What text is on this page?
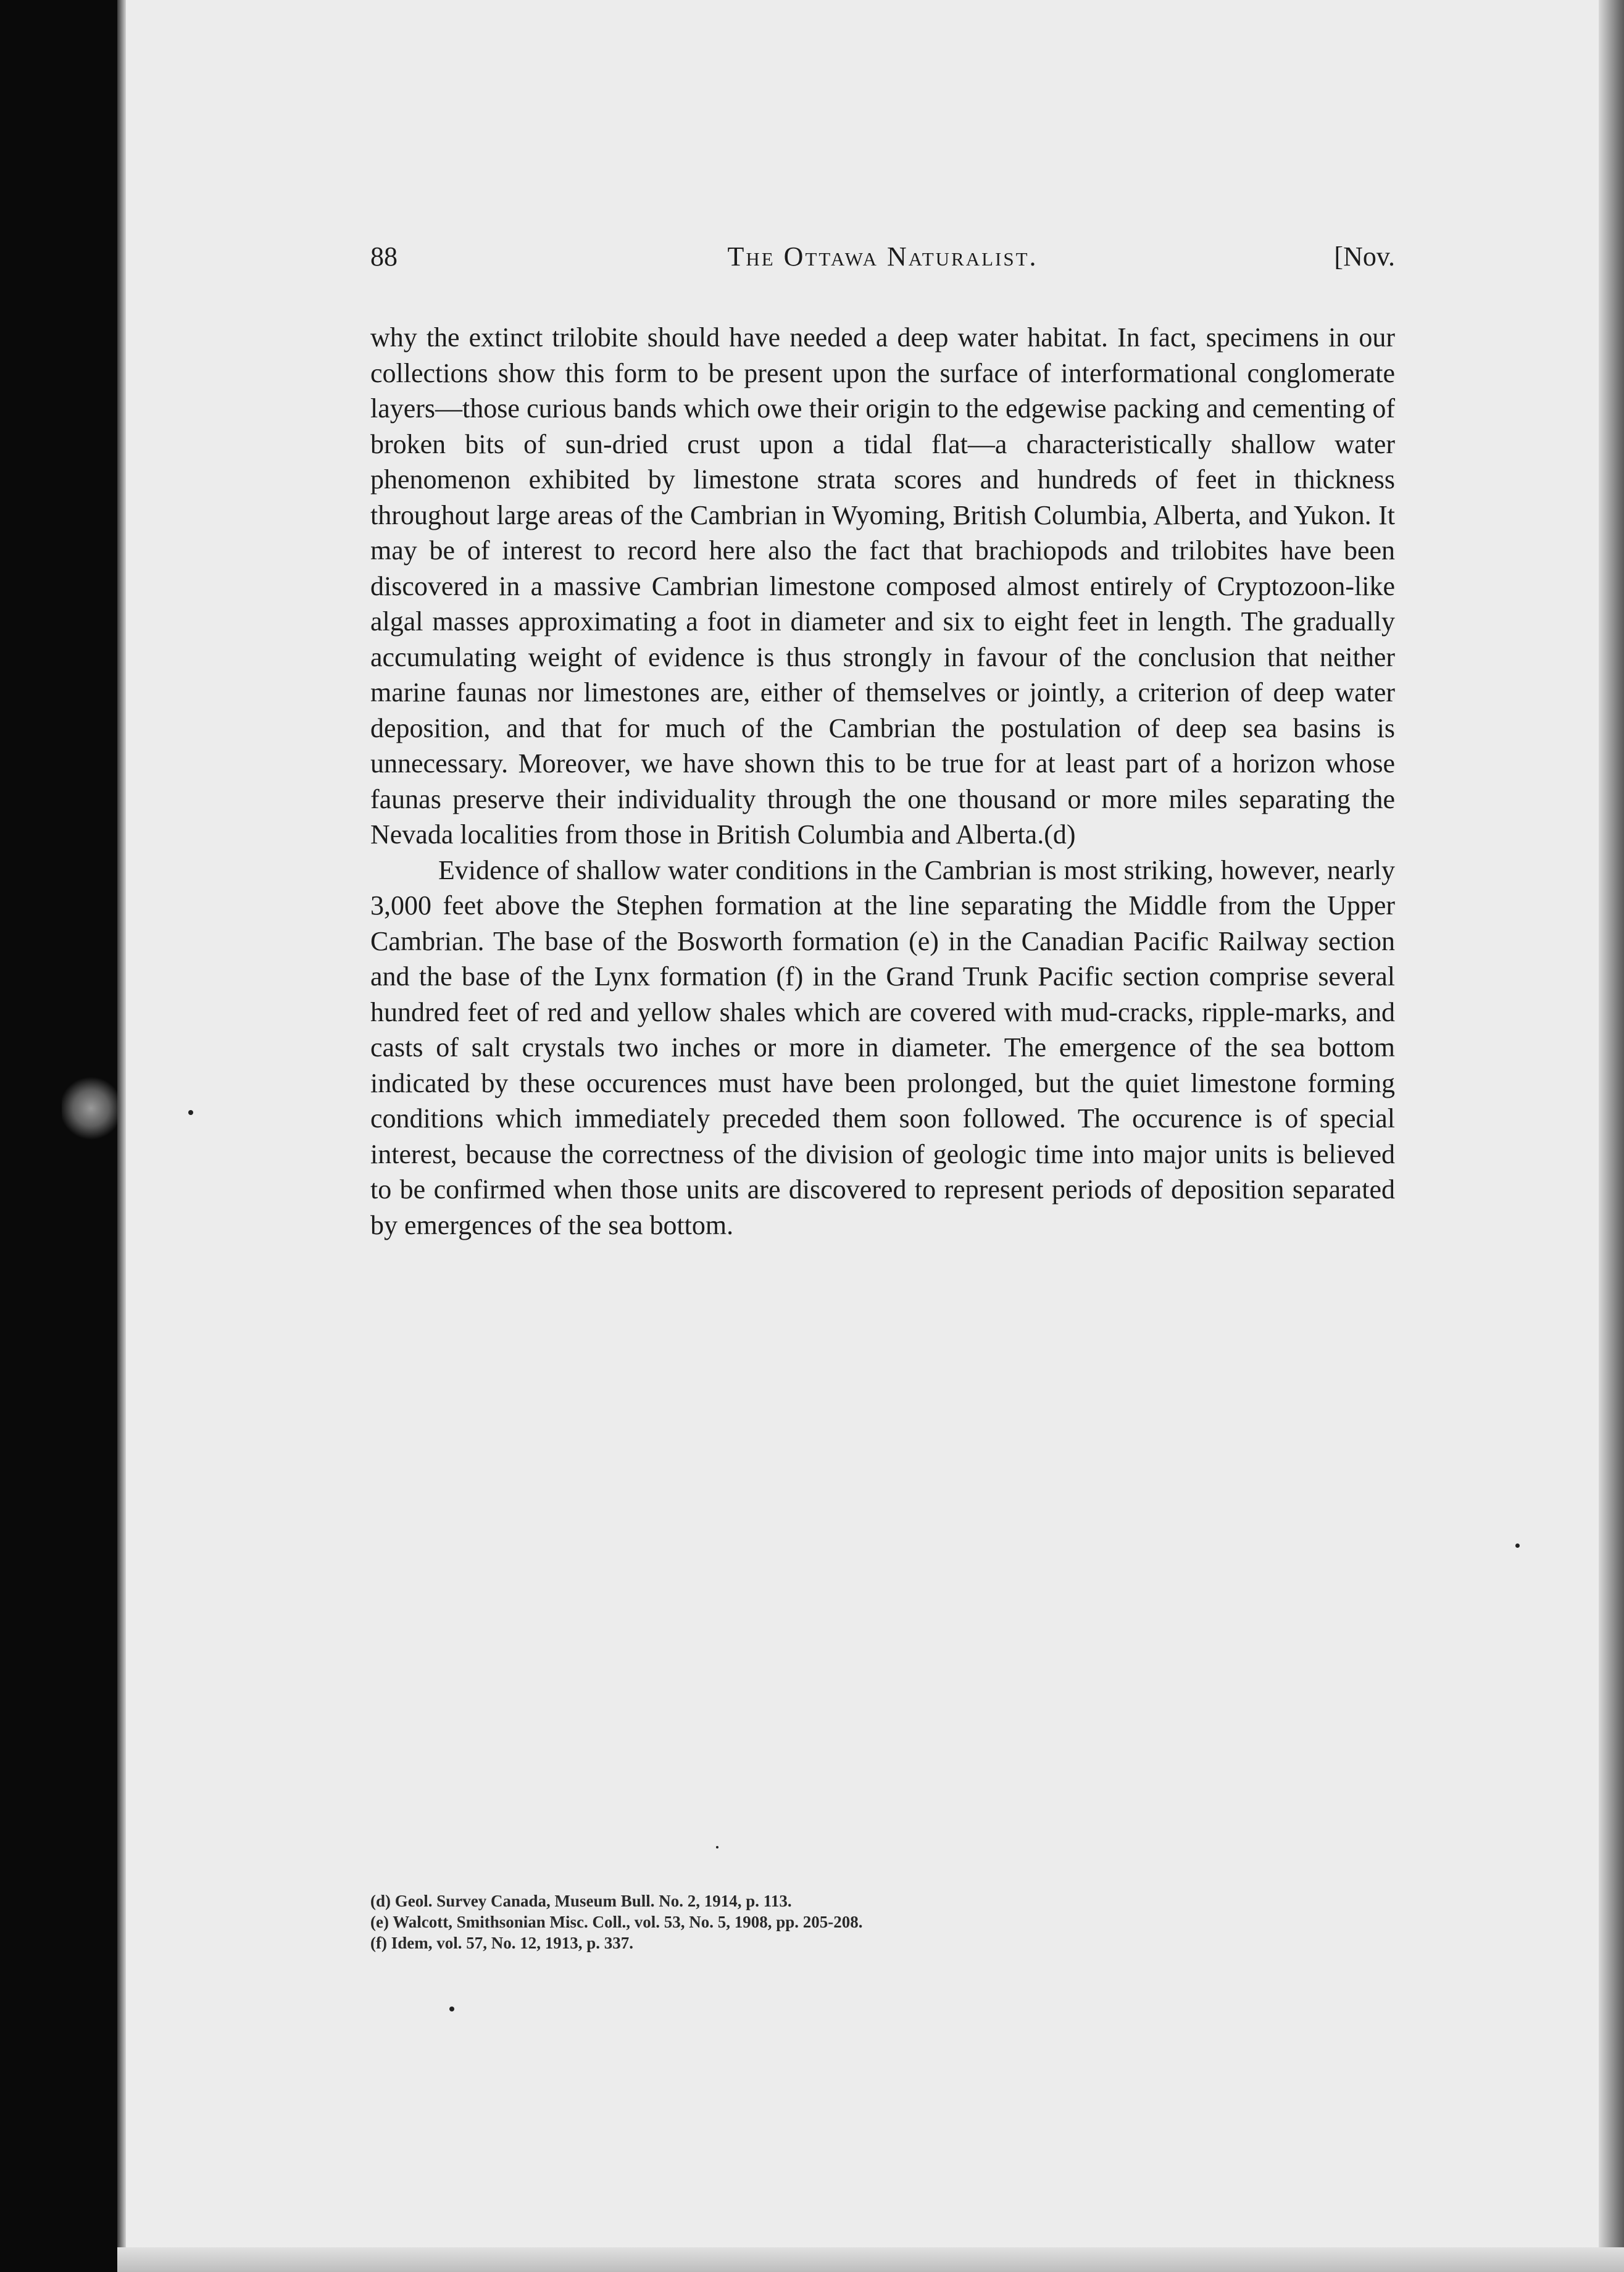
88	The Ottawa Naturalist.	[Nov.

why the extinct trilobite should have needed a deep water habitat. In fact, specimens in our collections show this form to be present upon the surface of interformational conglomerate layers—those curious bands which owe their origin to the edgewise packing and cementing of broken bits of sun-dried crust upon a tidal flat—a characteristically shallow water phenomenon exhibited by limestone strata scores and hundreds of feet in thickness throughout large areas of the Cambrian in Wyoming, British Columbia, Alberta, and Yukon. It may be of interest to record here also the fact that brachiopods and trilobites have been discovered in a massive Cambrian limestone composed almost entirely of Cryptozoon-like algal masses approximating a foot in diameter and six to eight feet in length. The gradually accumulating weight of evidence is thus strongly in favour of the conclusion that neither marine faunas nor limestones are, either of themselves or jointly, a criterion of deep water deposition, and that for much of the Cambrian the postulation of deep sea basins is unnecessary. Moreover, we have shown this to be true for at least part of a horizon whose faunas preserve their individuality through the one thousand or more miles separating the Nevada localities from those in British Columbia and Alberta.(d)

Evidence of shallow water conditions in the Cambrian is most striking, however, nearly 3,000 feet above the Stephen formation at the line separating the Middle from the Upper Cambrian. The base of the Bosworth formation (e) in the Canadian Pacific Railway section and the base of the Lynx formation (f) in the Grand Trunk Pacific section comprise several hundred feet of red and yellow shales which are covered with mud-cracks, ripple-marks, and casts of salt crystals two inches or more in diameter. The emergence of the sea bottom indicated by these occurences must have been prolonged, but the quiet limestone forming conditions which immediately preceded them soon followed. The occurence is of special interest, because the correctness of the division of geologic time into major units is believed to be confirmed when those units are discovered to represent periods of deposition separated by emergences of the sea bottom.

(d) Geol. Survey Canada, Museum Bull. No. 2, 1914, p. 113.
(e) Walcott, Smithsonian Misc. Coll., vol. 53, No. 5, 1908, pp. 205-208.
(f) Idem, vol. 57, No. 12, 1913, p. 337.
